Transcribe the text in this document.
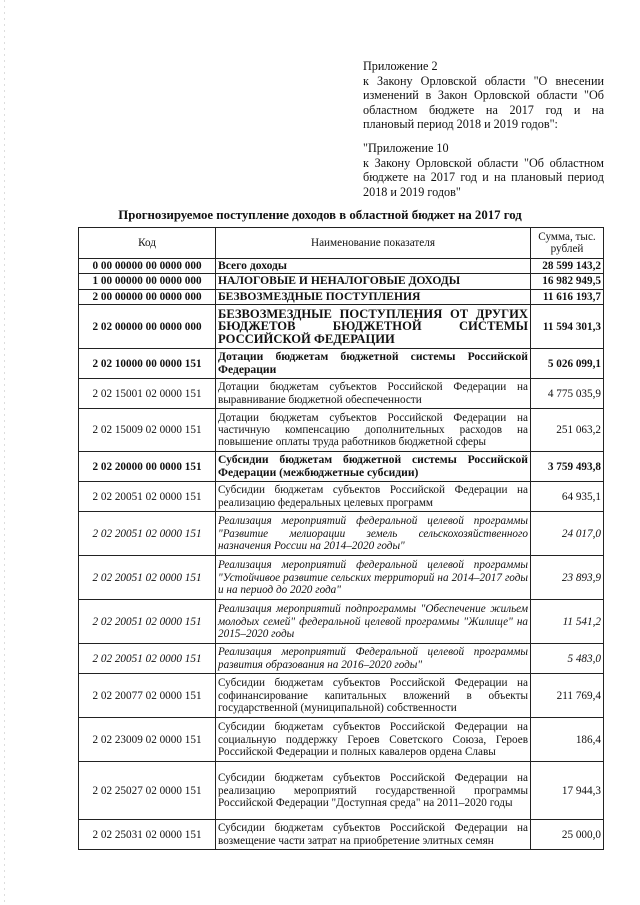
Приложение 2

к Закону Орловской области "О внесении изменений в Закон Орловской области "Об областном бюджете на 2017 год и на плановый период 2018 и 2019 годов":

"Приложение 10

к Закону Орловской области "Об областном бюджете на 2017 год и на плановый период 2018 и 2019 годов"

Прогнозируемое поступление доходов в областной бюджет на 2017 год
Код	Наименование показателя	Сумма, тыс. рублей
0 00 00000 00 0000 000	Всего доходы	28 599 143,2
1 00 00000 00 0000 000	НАЛОГОВЫЕ И НЕНАЛОГОВЫЕ ДОХОДЫ	16 982 949,5
2 00 00000 00 0000 000	БЕЗВОЗМЕЗДНЫЕ ПОСТУПЛЕНИЯ	11 616 193,7
2 02 00000 00 0000 000	БЕЗВОЗМЕЗДНЫЕ ПОСТУПЛЕНИЯ ОТ ДРУГИХ БЮДЖЕТОВ БЮДЖЕТНОЙ СИСТЕМЫ РОССИЙСКОЙ ФЕДЕРАЦИИ	11 594 301,3
2 02 10000 00 0000 151	Дотации бюджетам бюджетной системы Российской Федерации	5 026 099,1
2 02 15001 02 0000 151	Дотации бюджетам субъектов Российской Федерации на выравнивание бюджетной обеспеченности	4 775 035,9
2 02 15009 02 0000 151	Дотации бюджетам субъектов Российской Федерации на частичную компенсацию дополнительных расходов на повышение оплаты труда работников бюджетной сферы	251 063,2
2 02 20000 00 0000 151	Субсидии бюджетам бюджетной системы Российской Федерации (межбюджетные субсидии)	3 759 493,8
2 02 20051 02 0000 151	Субсидии бюджетам субъектов Российской Федерации на реализацию федеральных целевых программ	64 935,1
2 02 20051 02 0000 151	Реализация мероприятий федеральной целевой программы "Развитие мелиорации земель сельскохозяйственного назначения России на 2014–2020 годы"	24 017,0
2 02 20051 02 0000 151	Реализация мероприятий федеральной целевой программы "Устойчивое развитие сельских территорий на 2014–2017 годы и на период до 2020 года"	23 893,9
2 02 20051 02 0000 151	Реализация мероприятий подпрограммы "Обеспечение жильем молодых семей" федеральной целевой программы "Жилище" на 2015–2020 годы	11 541,2
2 02 20051 02 0000 151	Реализация мероприятий Федеральной целевой программы развития образования на 2016–2020 годы"	5 483,0
2 02 20077 02 0000 151	Субсидии бюджетам субъектов Российской Федерации на софинансирование капитальных вложений в объекты государственной (муниципальной) собственности	211 769,4
2 02 23009 02 0000 151	Субсидии бюджетам субъектов Российской Федерации на социальную поддержку Героев Советского Союза, Героев Российской Федерации и полных кавалеров ордена Славы	186,4
2 02 25027 02 0000 151	Субсидии бюджетам субъектов Российской Федерации на реализацию мероприятий государственной программы Российской Федерации "Доступная среда" на 2011–2020 годы	17 944,3
2 02 25031 02 0000 151	Субсидии бюджетам субъектов Российской Федерации на возмещение части затрат на приобретение элитных семян	25 000,0
